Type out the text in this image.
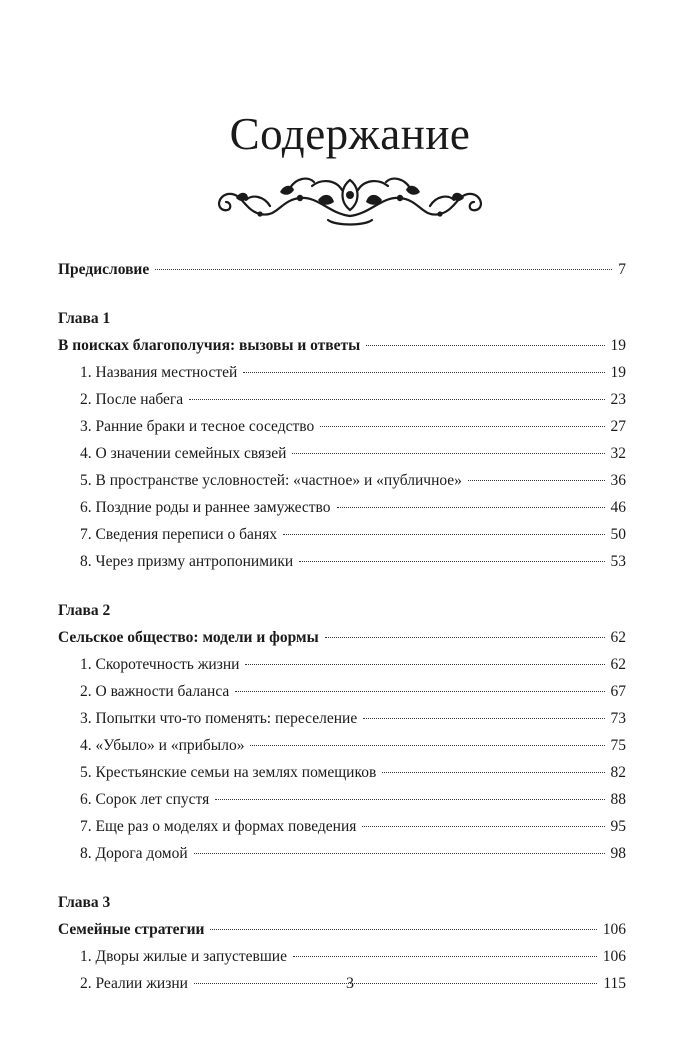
Содержание
Предисловие	7
Глава 1
В поисках благополучия: вызовы и ответы	19
1. Названия местностей	19
2. После набега	23
3. Ранние браки и тесное соседство	27
4. О значении семейных связей	32
5. В пространстве условностей: «частное» и «публичное»	36
6. Поздние роды и раннее замужество	46
7. Сведения переписи о банях	50
8. Через призму антропонимики	53
Глава 2
Сельское общество: модели и формы	62
1. Скоротечность жизни	62
2. О важности баланса	67
3. Попытки что-то поменять: переселение	73
4. «Убыло» и «прибыло»	75
5. Крестьянские семьи на землях помещиков	82
6. Сорок лет спустя	88
7. Еще раз о моделях и формах поведения	95
8. Дорога домой	98
Глава 3
Семейные стратегии	106
1. Дворы жилые и запустевшие	106
2. Реалии жизни	115
3
